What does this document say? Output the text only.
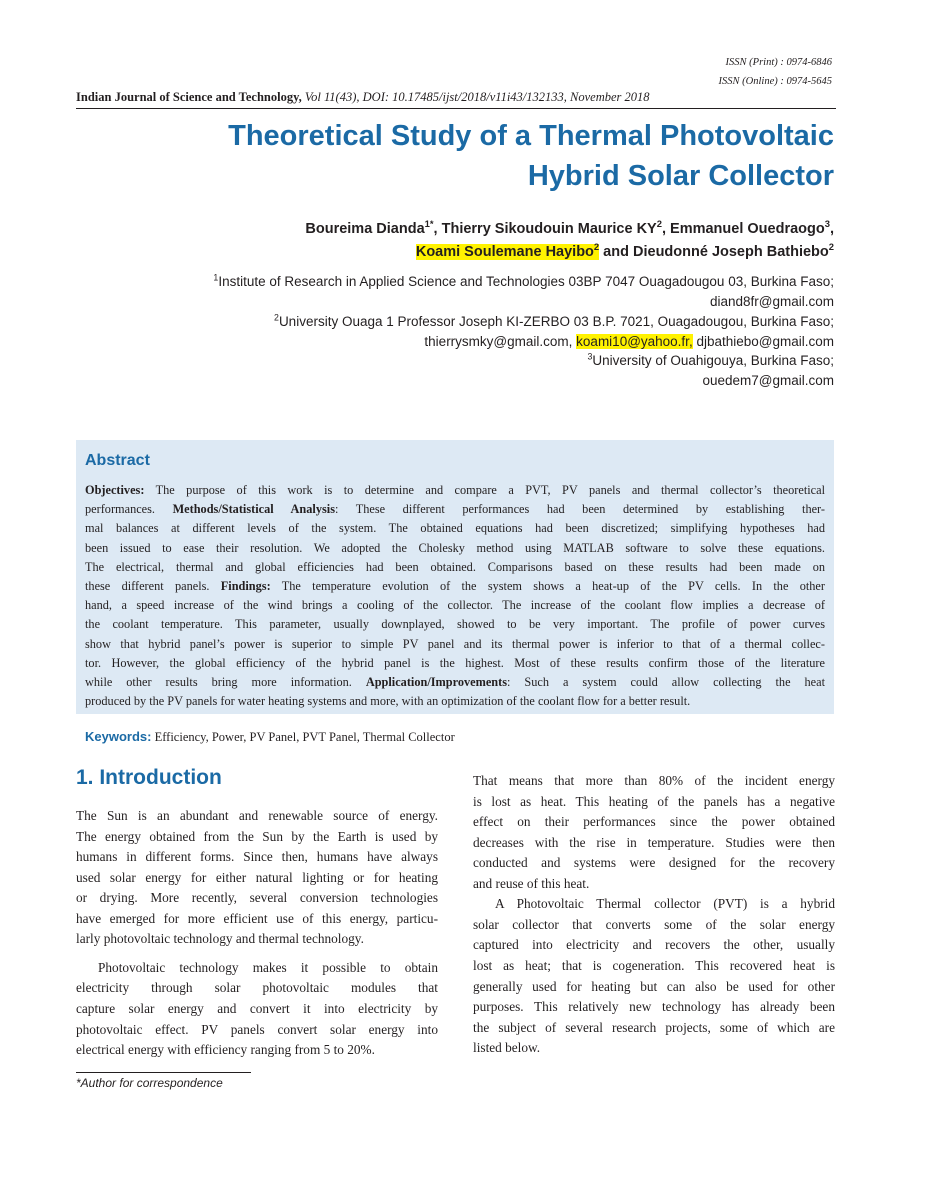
ISSN (Print) : 0974-6846
ISSN (Online) : 0974-5645
Indian Journal of Science and Technology, Vol 11(43), DOI: 10.17485/ijst/2018/v11i43/132133, November 2018
Theoretical Study of a Thermal Photovoltaic
Hybrid Solar Collector
Boureima Dianda$^{1*}$, Thierry Sikoudouin Maurice $KY^2$, Emmanuel Ouedraogo$^3$,
Koami Soulemane Hayibo$^2$ and Dieudonné Joseph Bathiebo$^2$
$^1$Institute of Research in Applied Science and Technologies 03BP 7047 Ouagadougou 03, Burkina Faso;
diand8fr@gmail.com
$^2$University Ouaga 1 Professor Joseph KI-ZERBO 03 B.P. 7021, Ouagadougou, Burkina Faso;
thierrysmky@gmail.com, koami10@yahoo.fr, djbathiebo@gmail.com
$^3$University of Ouahigouya, Burkina Faso;
ouedem7@gmail.com
Abstract
Objectives: The purpose of this work is to determine and compare a PVT, PV panels and thermal collector’s theoretical
performances. Methods/Statistical Analysis: These different performances had been determined by establishing ther-
mal balances at different levels of the system. The obtained equations had been discretized; simplifying hypotheses had
been issued to ease their resolution. We adopted the Cholesky method using MATLAB software to solve these equations.
The electrical, thermal and global efficiencies had been obtained. Comparisons based on these results had been made on
these different panels. Findings: The temperature evolution of the system shows a heat-up of the PV cells. In the other
hand, a speed increase of the wind brings a cooling of the collector. The increase of the coolant flow implies a decrease of
the coolant temperature. This parameter, usually downplayed, showed to be very important. The profile of power curves
show that hybrid panel’s power is superior to simple PV panel and its thermal power is inferior to that of a thermal collec-
tor. However, the global efficiency of the hybrid panel is the highest. Most of these results confirm those of the literature
while other results bring more information. Application/Improvements: Such a system could allow collecting the heat
produced by the PV panels for water heating systems and more, with an optimization of the coolant flow for a better result.
Keywords: Efficiency, Power, PV Panel, PVT Panel, Thermal Collector
1. Introduction
The Sun is an abundant and renewable source of energy.
The energy obtained from the Sun by the Earth is used by
humans in different forms. Since then, humans have always
used solar energy for either natural lighting or for heating
or drying. More recently, several conversion technologies
have emerged for more efficient use of this energy, particu-
larly photovoltaic technology and thermal technology.
Photovoltaic technology makes it possible to obtain
electricity through solar photovoltaic modules that
capture solar energy and convert it into electricity by
photovoltaic effect. PV panels convert solar energy into
electrical energy with efficiency ranging from 5 to 20%.
That means that more than 80% of the incident energy
is lost as heat. This heating of the panels has a negative
effect on their performances since the power obtained
decreases with the rise in temperature. Studies were then
conducted and systems were designed for the recovery
and reuse of this heat.
A Photovoltaic Thermal collector (PVT) is a hybrid
solar collector that converts some of the solar energy
captured into electricity and recovers the other, usually
lost as heat; that is cogeneration. This recovered heat is
generally used for heating but can also be used for other
purposes. This relatively new technology has already been
the subject of several research projects, some of which are
listed below.
*Author for correspondence
